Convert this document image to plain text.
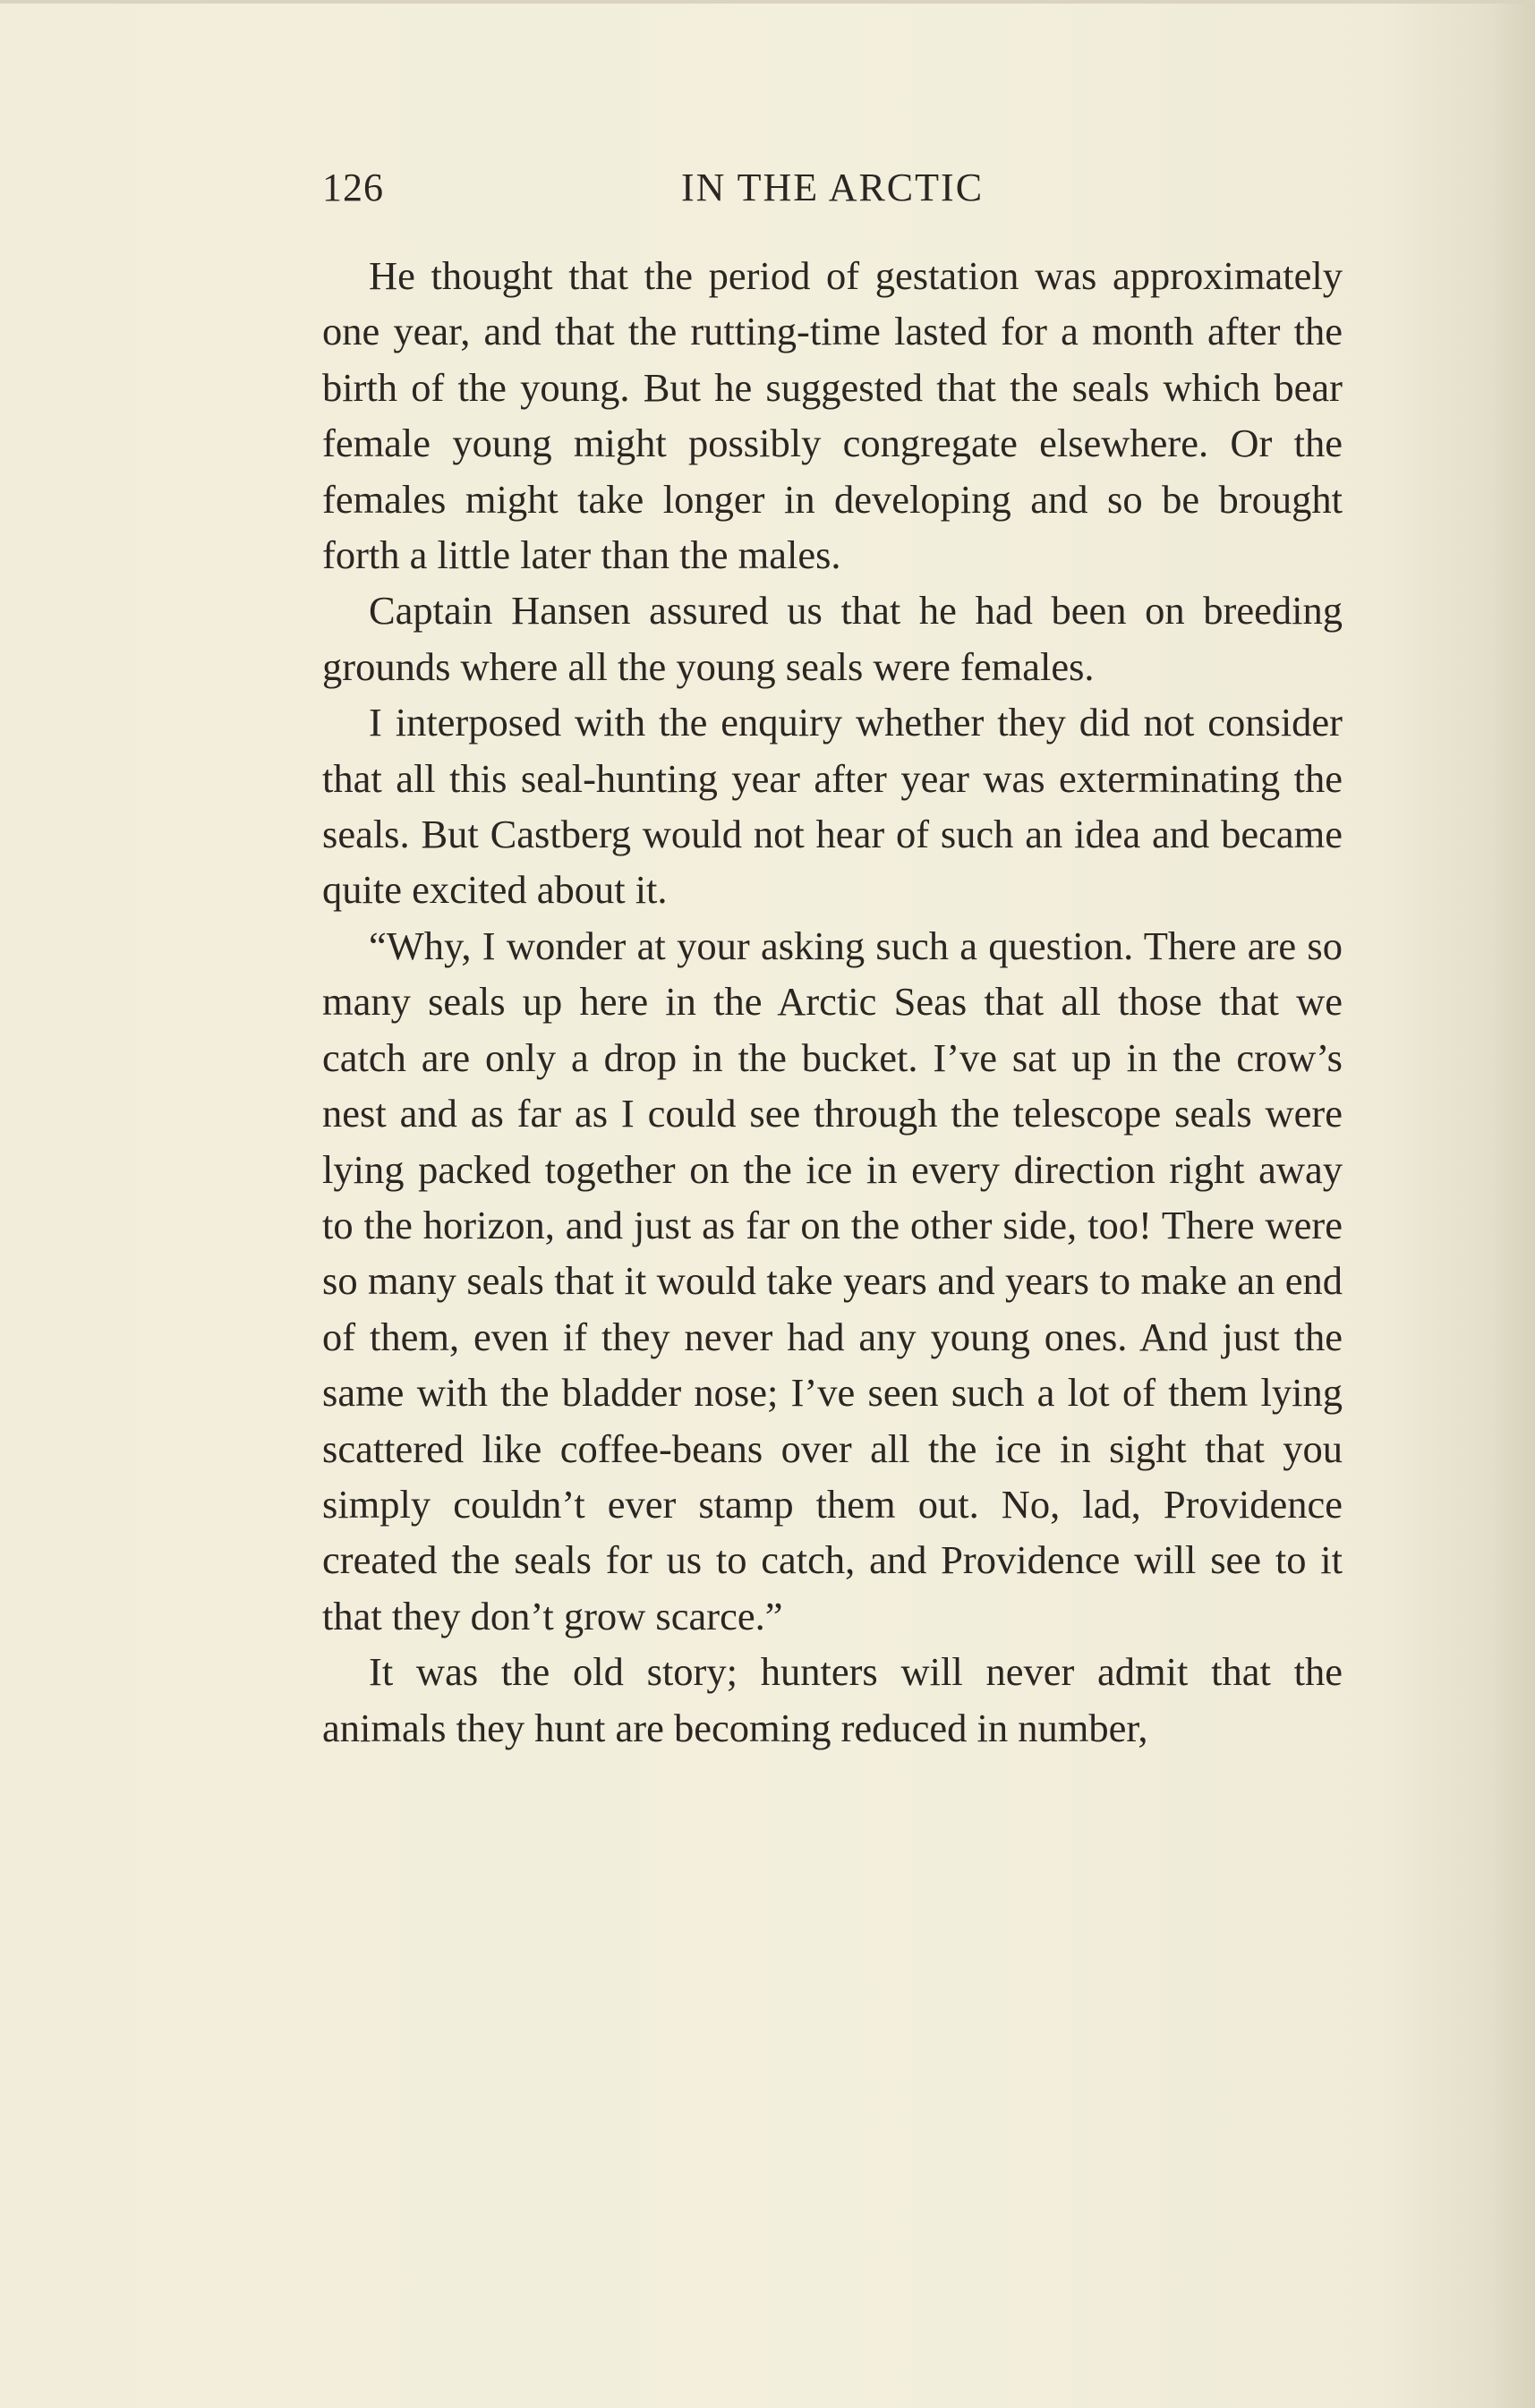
126	IN THE ARCTIC

He thought that the period of gestation was approximately one year, and that the rutting-time lasted for a month after the birth of the young. But he suggested that the seals which bear female young might possibly congregate elsewhere. Or the females might take longer in developing and so be brought forth a little later than the males.

Captain Hansen assured us that he had been on breeding grounds where all the young seals were females.

I interposed with the enquiry whether they did not consider that all this seal-hunting year after year was exterminating the seals. But Castberg would not hear of such an idea and became quite excited about it.

“Why, I wonder at your asking such a question. There are so many seals up here in the Arctic Seas that all those that we catch are only a drop in the bucket. I’ve sat up in the crow’s nest and as far as I could see through the telescope seals were lying packed together on the ice in every direction right away to the horizon, and just as far on the other side, too! There were so many seals that it would take years and years to make an end of them, even if they never had any young ones. And just the same with the bladder nose; I’ve seen such a lot of them lying scattered like coffee-beans over all the ice in sight that you simply couldn’t ever stamp them out. No, lad, Providence created the seals for us to catch, and Providence will see to it that they don’t grow scarce.”

It was the old story; hunters will never admit that the animals they hunt are becoming reduced in number,
